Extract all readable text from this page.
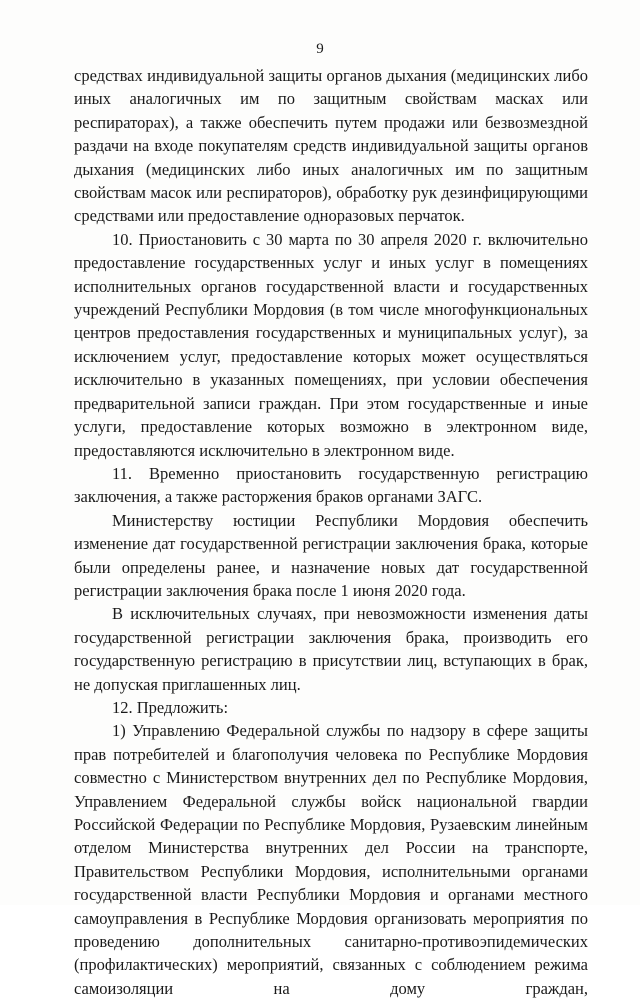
9

средствах индивидуальной защиты органов дыхания (медицинских либо иных аналогичных им по защитным свойствам масках или респираторах), а также обеспечить путем продажи или безвозмездной раздачи на входе покупателям средств индивидуальной защиты органов дыхания (медицинских либо иных аналогичных им по защитным свойствам масок или респираторов), обработку рук дезинфицирующими средствами или предоставление одноразовых перчаток.

10. Приостановить с 30 марта по 30 апреля 2020 г. включительно предоставление государственных услуг и иных услуг в помещениях исполнительных органов государственной власти и государственных учреждений Республики Мордовия (в том числе многофункциональных центров предоставления государственных и муниципальных услуг), за исключением услуг, предоставление которых может осуществляться исключительно в указанных помещениях, при условии обеспечения предварительной записи граждан. При этом государственные и иные услуги, предоставление которых возможно в электронном виде, предоставляются исключительно в электронном виде.

11. Временно приостановить государственную регистрацию заключения, а также расторжения браков органами ЗАГС.

Министерству юстиции Республики Мордовия обеспечить изменение дат государственной регистрации заключения брака, которые были определены ранее, и назначение новых дат государственной регистрации заключения брака после 1 июня 2020 года.

В исключительных случаях, при невозможности изменения даты государственной регистрации заключения брака, производить его государственную регистрацию в присутствии лиц, вступающих в брак, не допуская приглашенных лиц.

12. Предложить:

1) Управлению Федеральной службы по надзору в сфере защиты прав потребителей и благополучия человека по Республике Мордовия совместно с Министерством внутренних дел по Республике Мордовия, Управлением Федеральной службы войск национальной гвардии Российской Федерации по Республике Мордовия, Рузаевским линейным отделом Министерства внутренних дел России на транспорте, Правительством Республики Мордовия, исполнительными органами государственной власти Республики Мордовия и органами местного самоуправления в Республике Мордовия организовать мероприятия по проведению дополнительных санитарно-противоэпидемических (профилактических) мероприятий, связанных с соблюдением режима самоизоляции на дому граждан,
